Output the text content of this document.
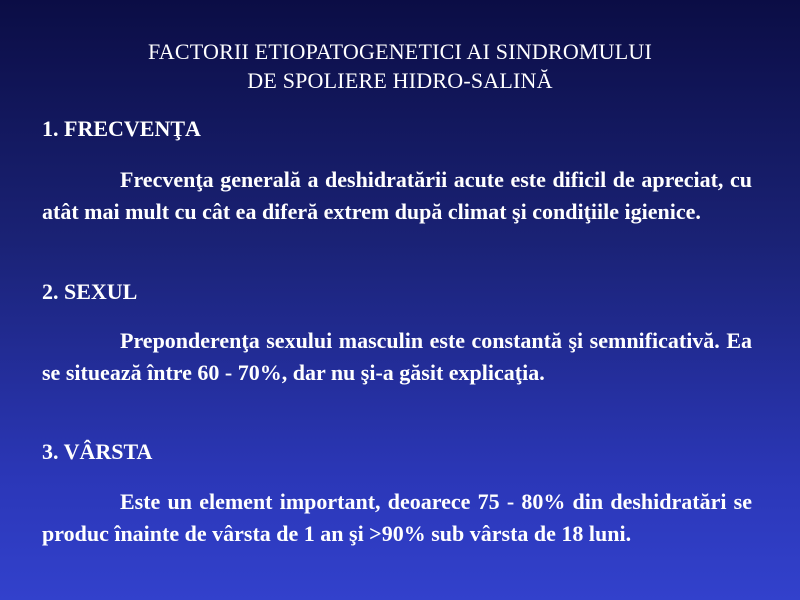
FACTORII ETIOPATOGENETICI AI SINDROMULUI
DE SPOLIERE HIDRO-SALINĂ
1. FRECVENŢA
Frecvenţa generală a deshidratării acute este dificil de apreciat, cu atât mai mult cu cât ea diferă extrem după climat şi condiţiile igienice.
2. SEXUL
Preponderenţa sexului masculin este constantă şi semnificativă. Ea se situează între 60 - 70%, dar nu şi-a găsit explicaţia.
3. VÂRSTA
Este un element important, deoarece 75 - 80% din deshidratări se produc înainte de vârsta de 1 an şi >90% sub vârsta de 18 luni.
